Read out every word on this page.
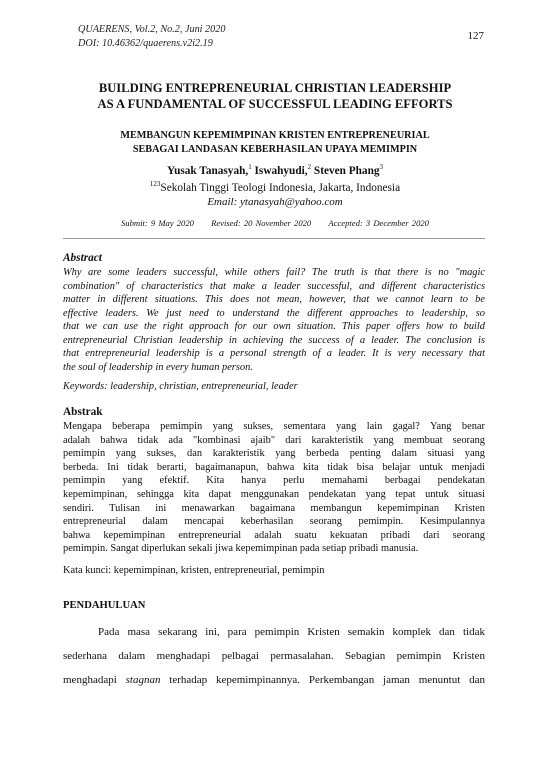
QUAERENS, Vol.2, No.2, Juni 2020
DOI: 10.46362/quaerens.v2i2.19
127
BUILDING ENTREPRENEURIAL CHRISTIAN LEADERSHIP
AS A FUNDAMENTAL OF SUCCESSFUL LEADING EFFORTS
MEMBANGUN KEPEMIMPINAN KRISTEN ENTREPRENEURIAL
SEBAGAI LANDASAN KEBERHASILAN UPAYA MEMIMPIN
Yusak Tanasyah,$^1$ Iswahyudi,$^2$ Steven Phang$^3$
$^{123}$Sekolah Tinggi Teologi Indonesia, Jakarta, Indonesia
Email: ytanasyah@yahoo.com
Submit: 9 May 2020 Revised: 20 November 2020 Accepted: 3 December 2020
Abstract
Why are some leaders successful, while others fail? The truth is that there is no "magic
combination" of characteristics that make a leader successful, and different characteristics
matter in different situations. This does not mean, however, that we cannot learn to be
effective leaders. We just need to understand the different approaches to leadership, so
that we can use the right approach for our own situation. This paper offers how to build
entrepreneurial Christian leadership in achieving the success of a leader. The conclusion is
that entrepreneurial leadership is a personal strength of a leader. It is very necessary that
the soul of leadership in every human person.
Keywords: leadership, christian, entrepreneurial, leader
Abstrak
Mengapa beberapa pemimpin yang sukses, sementara yang lain gagal? Yang benar
adalah bahwa tidak ada "kombinasi ajaib" dari karakteristik yang membuat seorang
pemimpin yang sukses, dan karakteristik yang berbeda penting dalam situasi yang
berbeda. Ini tidak berarti, bagaimanapun, bahwa kita tidak bisa belajar untuk menjadi
pemimpin yang efektif. Kita hanya perlu memahami berbagai pendekatan
kepemimpinan, sehingga kita dapat menggunakan pendekatan yang tepat untuk situasi
sendiri. Tulisan ini menawarkan bagaimana membangun kepemimpinan Kristen
entrepreneurial dalam mencapai keberhasilan seorang pemimpin. Kesimpulannya
bahwa kepemimpinan entrepreneurial adalah suatu kekuatan pribadi dari seorang
pemimpin. Sangat diperlukan sekali jiwa kepemimpinan pada setiap pribadi manusia.
Kata kunci: kepemimpinan, kristen, entrepreneurial, pemimpin
PENDAHULUAN
Pada masa sekarang ini, para pemimpin Kristen semakin komplek dan tidak
sederhana dalam menghadapi pelbagai permasalahan. Sebagian pemimpin Kristen
menghadapi stagnan terhadap kepemimpinannya. Perkembangan jaman menuntut dan
